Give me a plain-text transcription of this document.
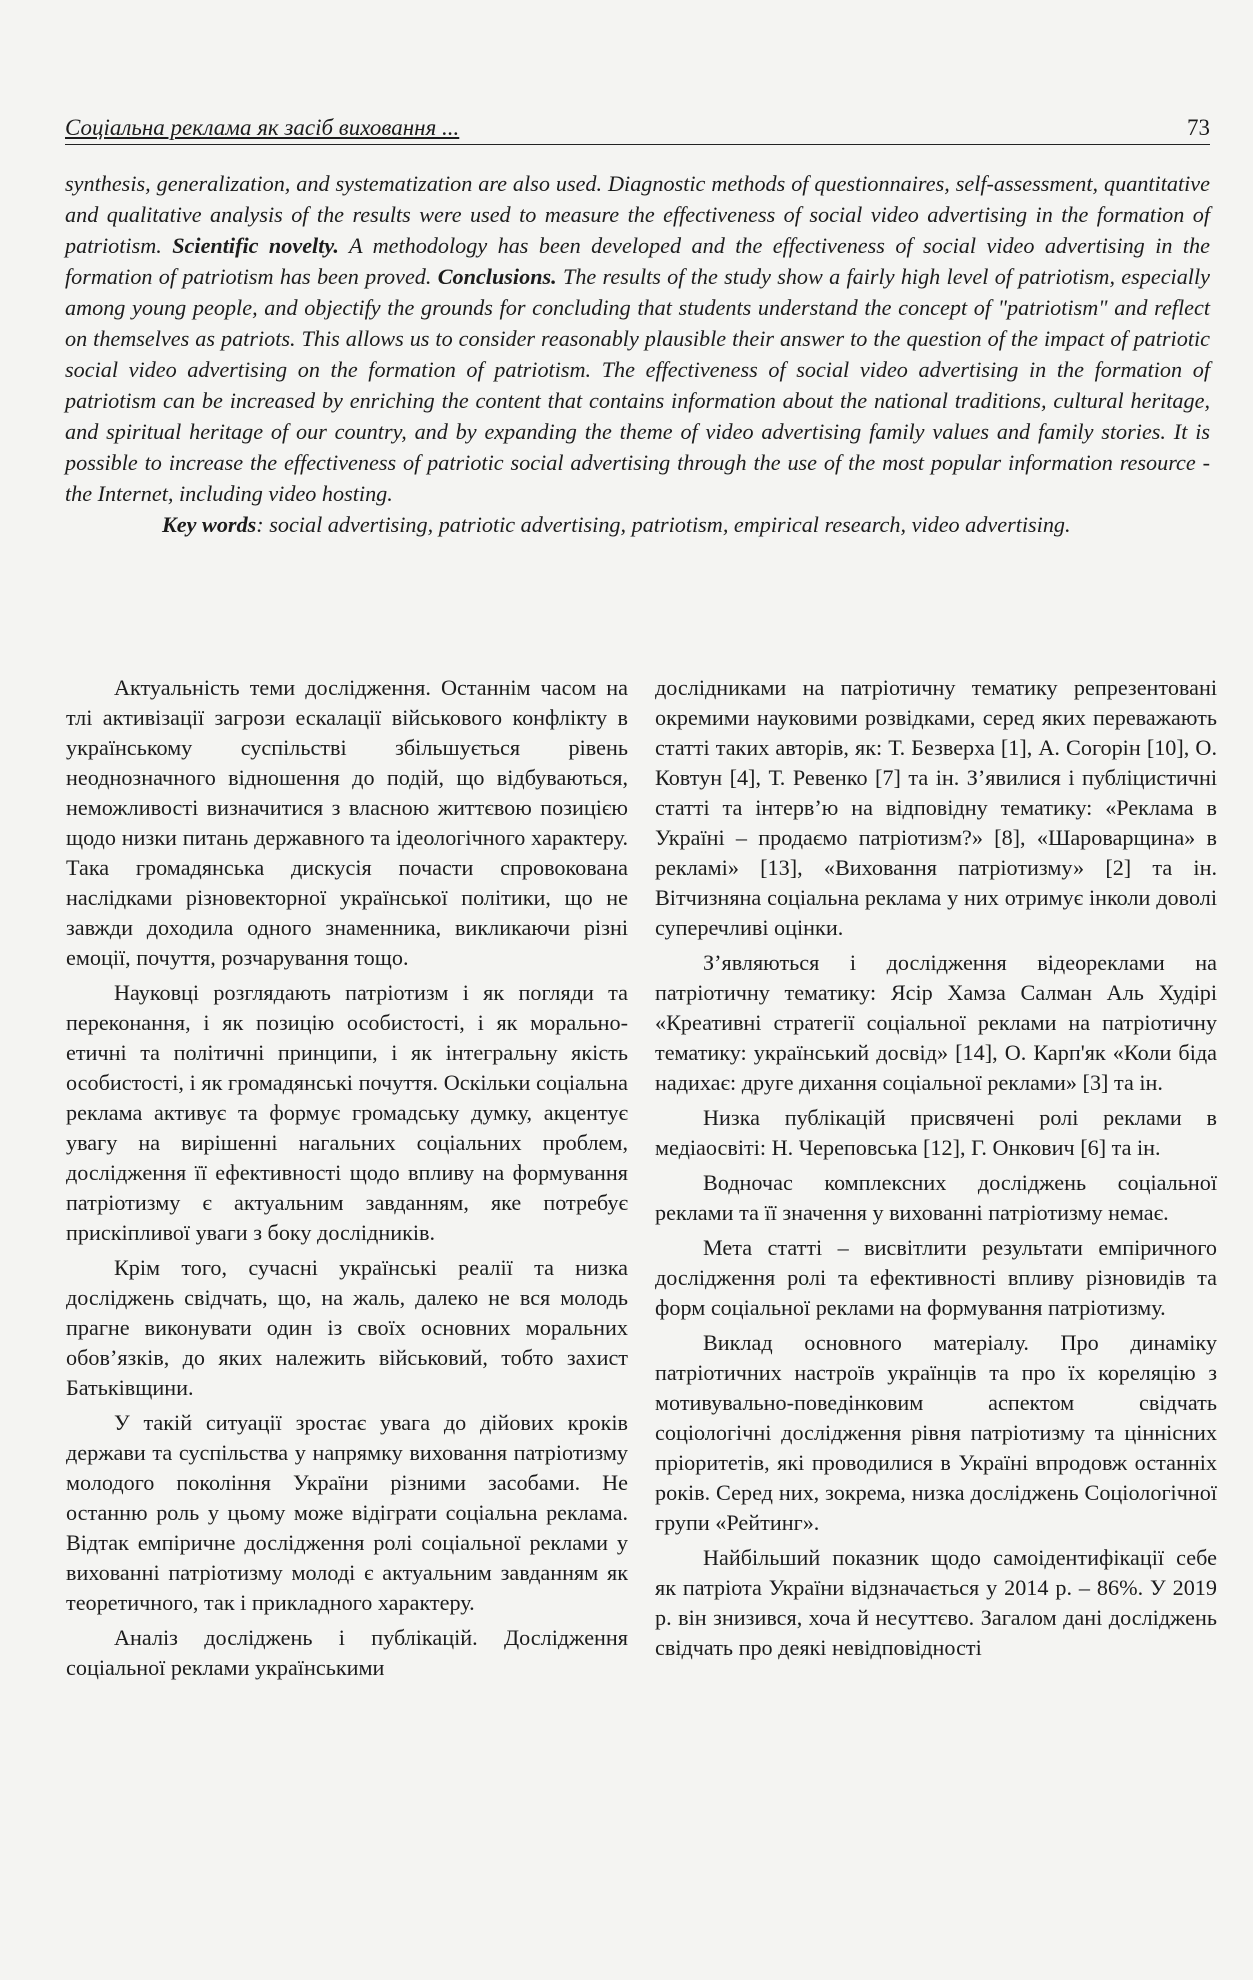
Соціальна реклама як засіб виховання ...	73

synthesis, generalization, and systematization are also used. Diagnostic methods of questionnaires, self-assessment, quantitative and qualitative analysis of the results were used to measure the effectiveness of social video advertising in the formation of patriotism. Scientific novelty. A methodology has been developed and the effectiveness of social video advertising in the formation of patriotism has been proved. Conclusions. The results of the study show a fairly high level of patriotism, especially among young people, and objectify the grounds for concluding that students understand the concept of "patriotism" and reflect on themselves as patriots. This allows us to consider reasonably plausible their answer to the question of the impact of patriotic social video advertising on the formation of patriotism. The effectiveness of social video advertising in the formation of patriotism can be increased by enriching the content that contains information about the national traditions, cultural heritage, and spiritual heritage of our country, and by expanding the theme of video advertising family values and family stories. It is possible to increase the effectiveness of patriotic social advertising through the use of the most popular information resource - the Internet, including video hosting.

Key words: social advertising, patriotic advertising, patriotism, empirical research, video advertising.

Актуальність теми дослідження. Останнім часом на тлі активізації загрози ескалації військового конфлікту в українському суспільстві збільшується рівень неоднозначного відношення до подій, що відбуваються, неможливості визначитися з власною життєвою позицією щодо низки питань державного та ідеологічного характеру. Така громадянська дискусія почасти спровокована наслідками різновекторної української політики, що не завжди доходила одного знаменника, викликаючи різні емоції, почуття, розчарування тощо.

Науковці розглядають патріотизм і як погляди та переконання, і як позицію особистості, і як морально-етичні та політичні принципи, і як інтегральну якість особистості, і як громадянські почуття. Оскільки соціальна реклама активує та формує громадську думку, акцентує увагу на вирішенні нагальних соціальних проблем, дослідження її ефективності щодо впливу на формування патріотизму є актуальним завданням, яке потребує прискіпливої уваги з боку дослідників.

Крім того, сучасні українські реалії та низка досліджень свідчать, що, на жаль, далеко не вся молодь прагне виконувати один із своїх основних моральних обов’язків, до яких належить військовий, тобто захист Батьківщини.

У такій ситуації зростає увага до дійових кроків держави та суспільства у напрямку виховання патріотизму молодого покоління України різними засобами. Не останню роль у цьому може відіграти соціальна реклама. Відтак емпіричне дослідження ролі соціальної реклами у вихованні патріотизму молоді є актуальним завданням як теоретичного, так і прикладного характеру.

Аналіз досліджень і публікацій. Дослідження соціальної реклами українськими

дослідниками на патріотичну тематику репрезентовані окремими науковими розвідками, серед яких переважають статті таких авторів, як: Т. Безверха [1], А. Согорін [10], О. Ковтун [4], Т. Ревенко [7] та ін. З’явилися і публіцистичні статті та інтерв’ю на відповідну тематику: «Реклама в Україні – продаємо патріотизм?» [8], «Шароварщина» в рекламі» [13], «Виховання патріотизму» [2] та ін. Вітчизняна соціальна реклама у них отримує інколи доволі суперечливі оцінки.

З’являються і дослідження відеореклами на патріотичну тематику: Ясір Хамза Салман Аль Худірі «Креативні стратегії соціальної реклами на патріотичну тематику: український досвід» [14], О. Карп'як «Коли біда надихає: друге дихання соціальної реклами» [3] та ін.

Низка публікацій присвячені ролі реклами в медіаосвіті: Н. Череповська [12], Г. Онкович [6] та ін.

Водночас комплексних досліджень соціальної реклами та її значення у вихованні патріотизму немає.

Мета статті – висвітлити результати емпіричного дослідження ролі та ефективності впливу різновидів та форм соціальної реклами на формування патріотизму.

Виклад основного матеріалу. Про динаміку патріотичних настроїв українців та про їх кореляцію з мотивувально-поведінковим аспектом свідчать соціологічні дослідження рівня патріотизму та ціннісних пріоритетів, які проводилися в Україні впродовж останніх років. Серед них, зокрема, низка досліджень Соціологічної групи «Рейтинг».

Найбільший показник щодо самоідентифікації себе як патріота України відзначається у 2014 р. – 86%. У 2019 р. він знизився, хоча й несуттєво. Загалом дані досліджень свідчать про деякі невідповідності
